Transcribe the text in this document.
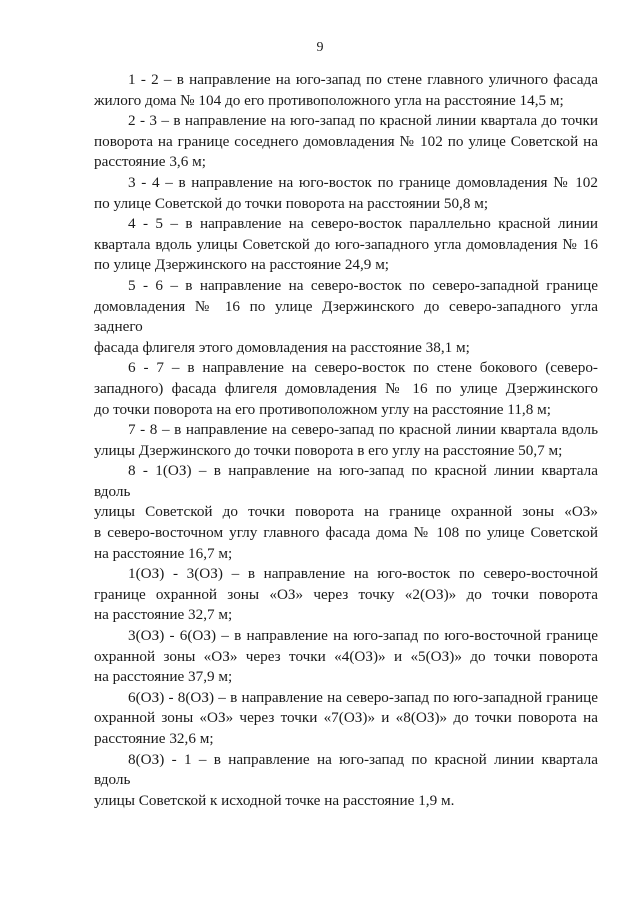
9

1 - 2 – в направление на юго-запад по стене главного уличного фасада
жилого дома № 104 до его противоположного угла на расстояние 14,5 м;

2 - 3 – в направление на юго-запад по красной линии квартала до точки
поворота на границе соседнего домовладения № 102 по улице Советской на
расстояние 3,6 м;

3 - 4 – в направление на юго-восток по границе домовладения № 102
по улице Советской до точки поворота на расстоянии 50,8 м;

4 - 5 – в направление на северо-восток параллельно красной линии
квартала вдоль улицы Советской до юго-западного угла домовладения № 16
по улице Дзержинского на расстояние 24,9 м;

5 - 6 – в направление на северо-восток по северо-западной границе
домовладения № 16 по улице Дзержинского до северо-западного угла заднего
фасада флигеля этого домовладения на расстояние 38,1 м;

6 - 7 – в направление на северо-восток по стене бокового (северо-
западного) фасада флигеля домовладения № 16 по улице Дзержинского
до точки поворота на его противоположном углу на расстояние 11,8 м;

7 - 8 – в направление на северо-запад по красной линии квартала вдоль
улицы Дзержинского до точки поворота в его углу на расстояние 50,7 м;

8 - 1(ОЗ) – в направление на юго-запад по красной линии квартала вдоль
улицы Советской до точки поворота на границе охранной зоны «ОЗ»
в северо-восточном углу главного фасада дома № 108 по улице Советской
на расстояние 16,7 м;

1(ОЗ) - 3(ОЗ) – в направление на юго-восток по северо-восточной
границе охранной зоны «ОЗ» через точку «2(ОЗ)» до точки поворота
на расстояние 32,7 м;

3(ОЗ) - 6(ОЗ) – в направление на юго-запад по юго-восточной границе
охранной зоны «ОЗ» через точки «4(ОЗ)» и «5(ОЗ)» до точки поворота
на расстояние 37,9 м;

6(ОЗ) - 8(ОЗ) – в направление на северо-запад по юго-западной границе
охранной зоны «ОЗ» через точки «7(ОЗ)» и «8(ОЗ)» до точки поворота на
расстояние 32,6 м;

8(ОЗ) - 1 – в направление на юго-запад по красной линии квартала вдоль
улицы Советской к исходной точке на расстояние 1,9 м.
